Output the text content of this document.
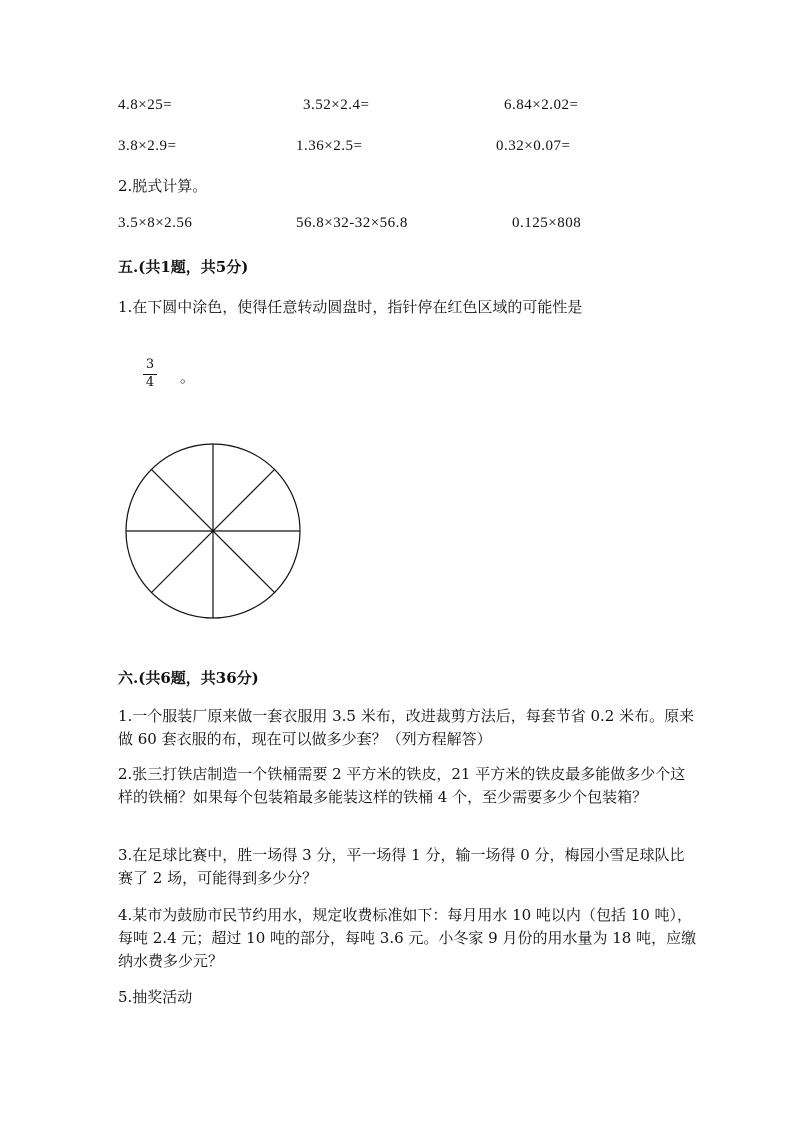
4.8×25=	3.52×2.4=	6.84×2.02=
3.8×2.9=	1.36×2.5=	0.32×0.07=
2.脱式计算。
3.5×8×2.56	56.8×32-32×56.8	0.125×808
五.(共1题，共5分)
1.在下圆中涂色，使得任意转动圆盘时，指针停在红色区域的可能性是
3
4 。
六.(共6题，共36分)
1.一个服装厂原来做一套衣服用 3.5 米布，改进裁剪方法后，每套节省 0.2 米布。原来做 60 套衣服的布，现在可以做多少套？（列方程解答）
2.张三打铁店制造一个铁桶需要 2 平方米的铁皮，21 平方米的铁皮最多能做多少个这样的铁桶？如果每个包装箱最多能装这样的铁桶 4 个，至少需要多少个包装箱？
3.在足球比赛中，胜一场得 3 分，平一场得 1 分，输一场得 0 分，梅园小雪足球队比赛了 2 场，可能得到多少分？
4.某市为鼓励市民节约用水，规定收费标准如下：每月用水 10 吨以内（包括 10 吨），每吨 2.4 元；超过 10 吨的部分，每吨 3.6 元。小冬家 9 月份的用水量为 18 吨，应缴纳水费多少元？
5.抽奖活动
